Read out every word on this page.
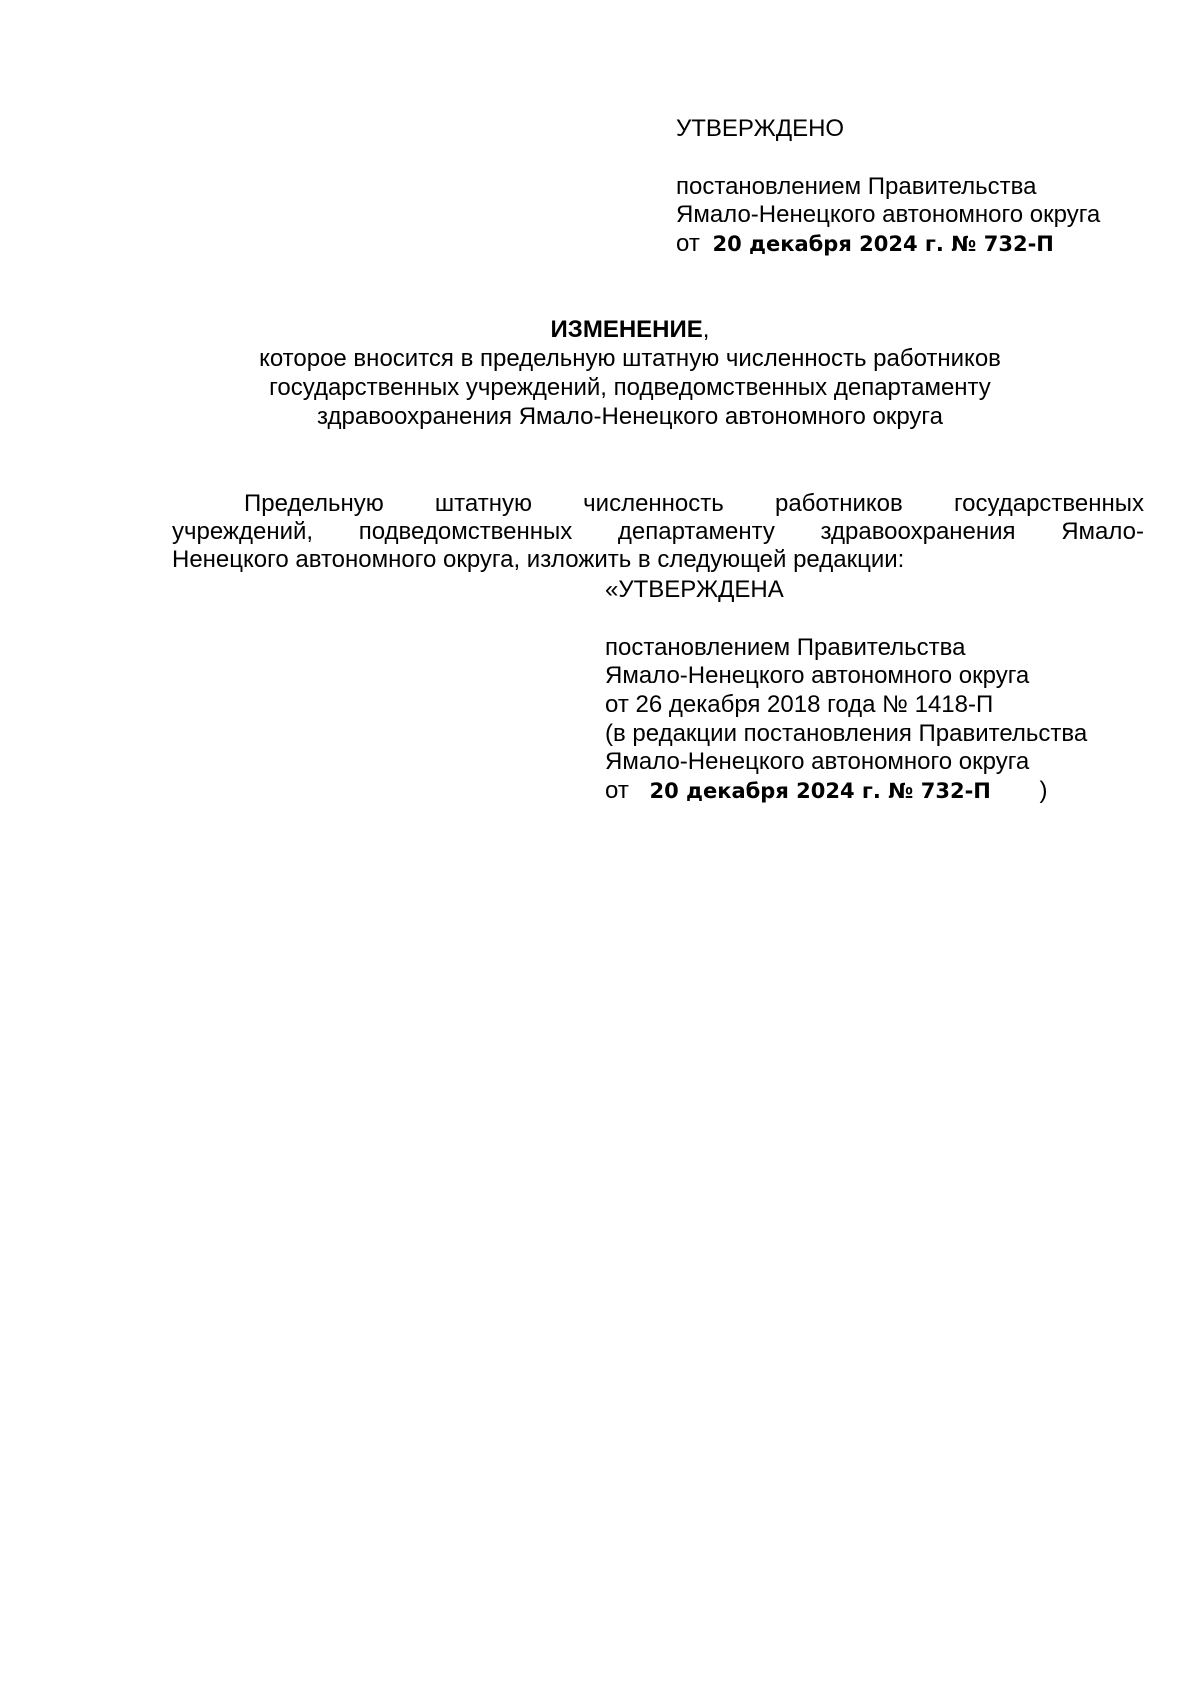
УТВЕРЖДЕНО
постановлением Правительства
Ямало-Ненецкого автономного округа
от 20 декабря 2024 г. № 732-П
ИЗМЕНЕНИЕ,
которое вносится в предельную штатную численность работников
государственных учреждений, подведомственных департаменту
здравоохранения Ямало-Ненецкого автономного округа
Предельную штатную численность работников государственных
учреждений, подведомственных департаменту здравоохранения Ямало-
Ненецкого автономного округа, изложить в следующей редакции:
«УТВЕРЖДЕНА
постановлением Правительства
Ямало-Ненецкого автономного округа
от 26 декабря 2018 года № 1418-П
(в редакции постановления Правительства
Ямало-Ненецкого автономного округа
от 20 декабря 2024 г. № 732-П )
